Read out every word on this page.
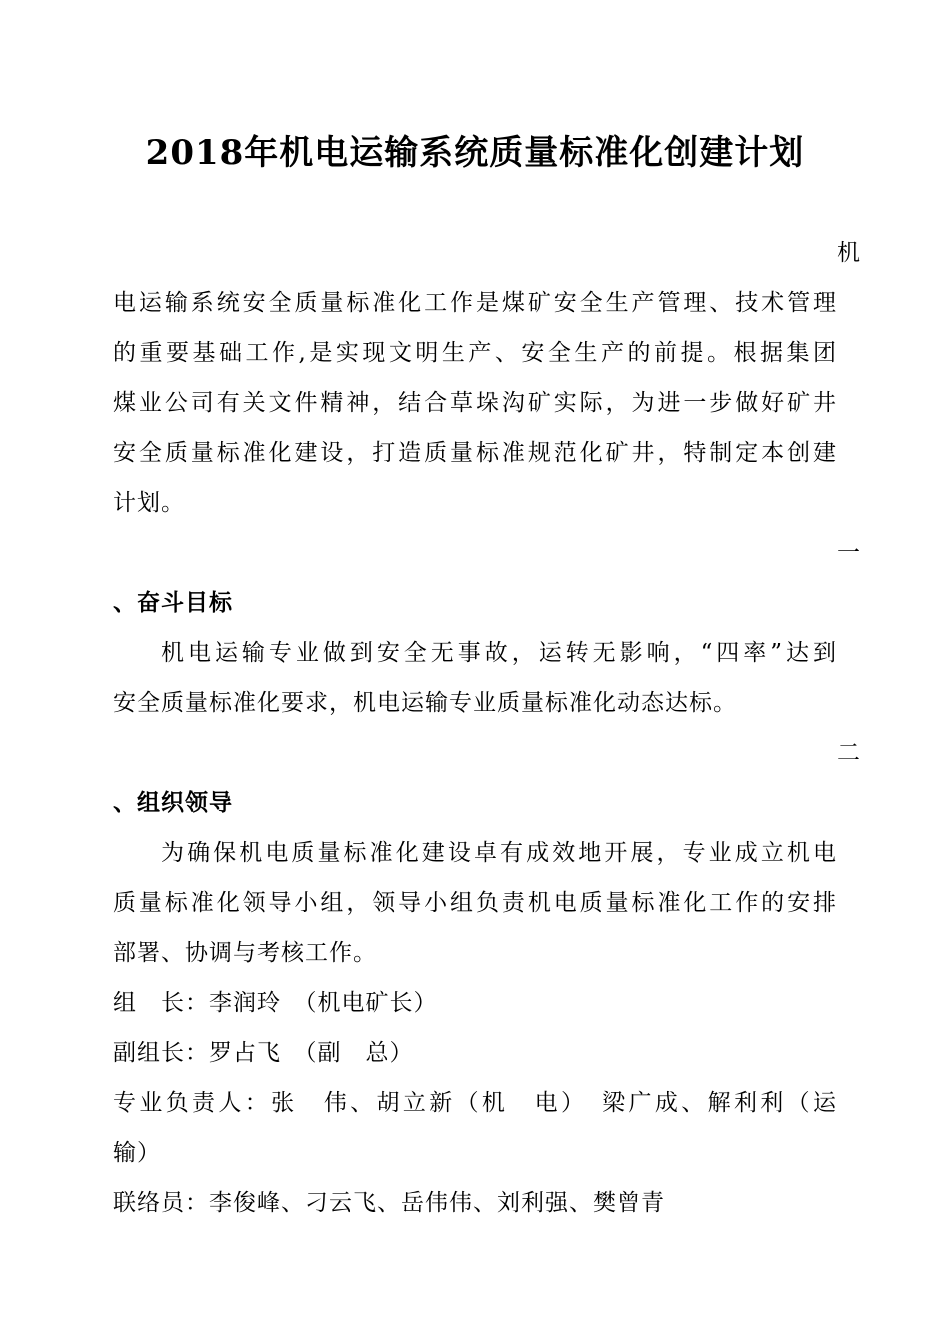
2018年机电运输系统质量标准化创建计划
机
电运输系统安全质量标准化工作是煤矿安全生产管理、技术管理
的重要基础工作,是实现文明生产、安全生产的前提。根据集团
煤业公司有关文件精神，结合草垛沟矿实际，为进一步做好矿井
安全质量标准化建设，打造质量标准规范化矿井，特制定本创建
计划。
一
、奋斗目标
机电运输专业做到安全无事故，运转无影响，“四率”达到
安全质量标准化要求，机电运输专业质量标准化动态达标。
二
、组织领导
为确保机电质量标准化建设卓有成效地开展，专业成立机电
质量标准化领导小组，领导小组负责机电质量标准化工作的安排
部署、协调与考核工作。
组　长：李润玲　（机电矿长）
副组长：罗占飞　（副　总）
专业负责人：张　伟、胡立新（机　电）　梁广成、解利利（运
输）
联络员：李俊峰、刁云飞、岳伟伟、刘利强、樊曾青
